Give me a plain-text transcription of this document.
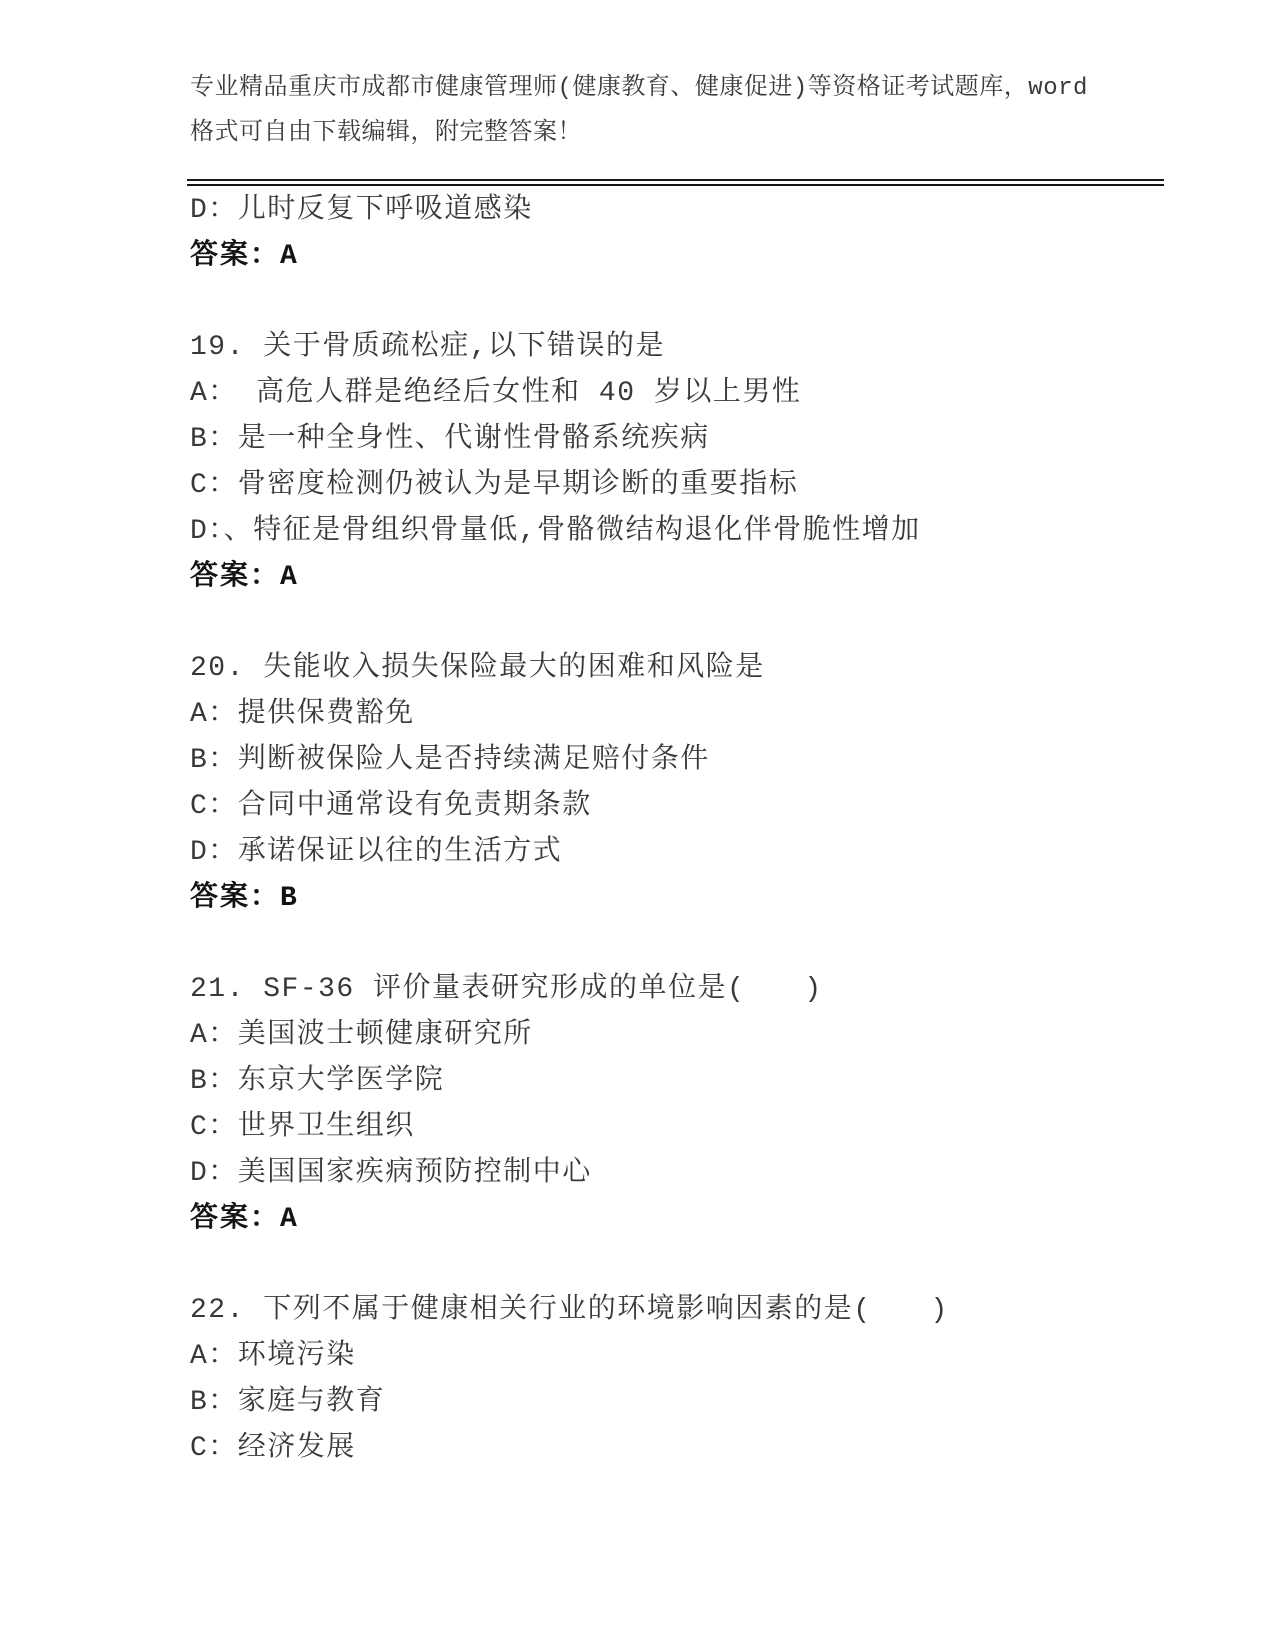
专业精品重庆市成都市健康管理师(健康教育、健康促进)等资格证考试题库，word
格式可自由下载编辑，附完整答案！

D：儿时反复下呼吸道感染

答案：A

19. 关于骨质疏松症,以下错误的是

A： 高危人群是绝经后女性和 40 岁以上男性

B：是一种全身性、代谢性骨骼系统疾病

C：骨密度检测仍被认为是早期诊断的重要指标

D：、特征是骨组织骨量低,骨骼微结构退化伴骨脆性增加

答案：A

20. 失能收入损失保险最大的困难和风险是

A：提供保费豁免

B：判断被保险人是否持续满足赔付条件

C：合同中通常设有免责期条款

D：承诺保证以往的生活方式

答案：B

21. SF-36 评价量表研究形成的单位是(　　)

A：美国波士顿健康研究所

B：东京大学医学院

C：世界卫生组织

D：美国国家疾病预防控制中心

答案：A

22. 下列不属于健康相关行业的环境影响因素的是(　　)

A：环境污染

B：家庭与教育

C：经济发展
